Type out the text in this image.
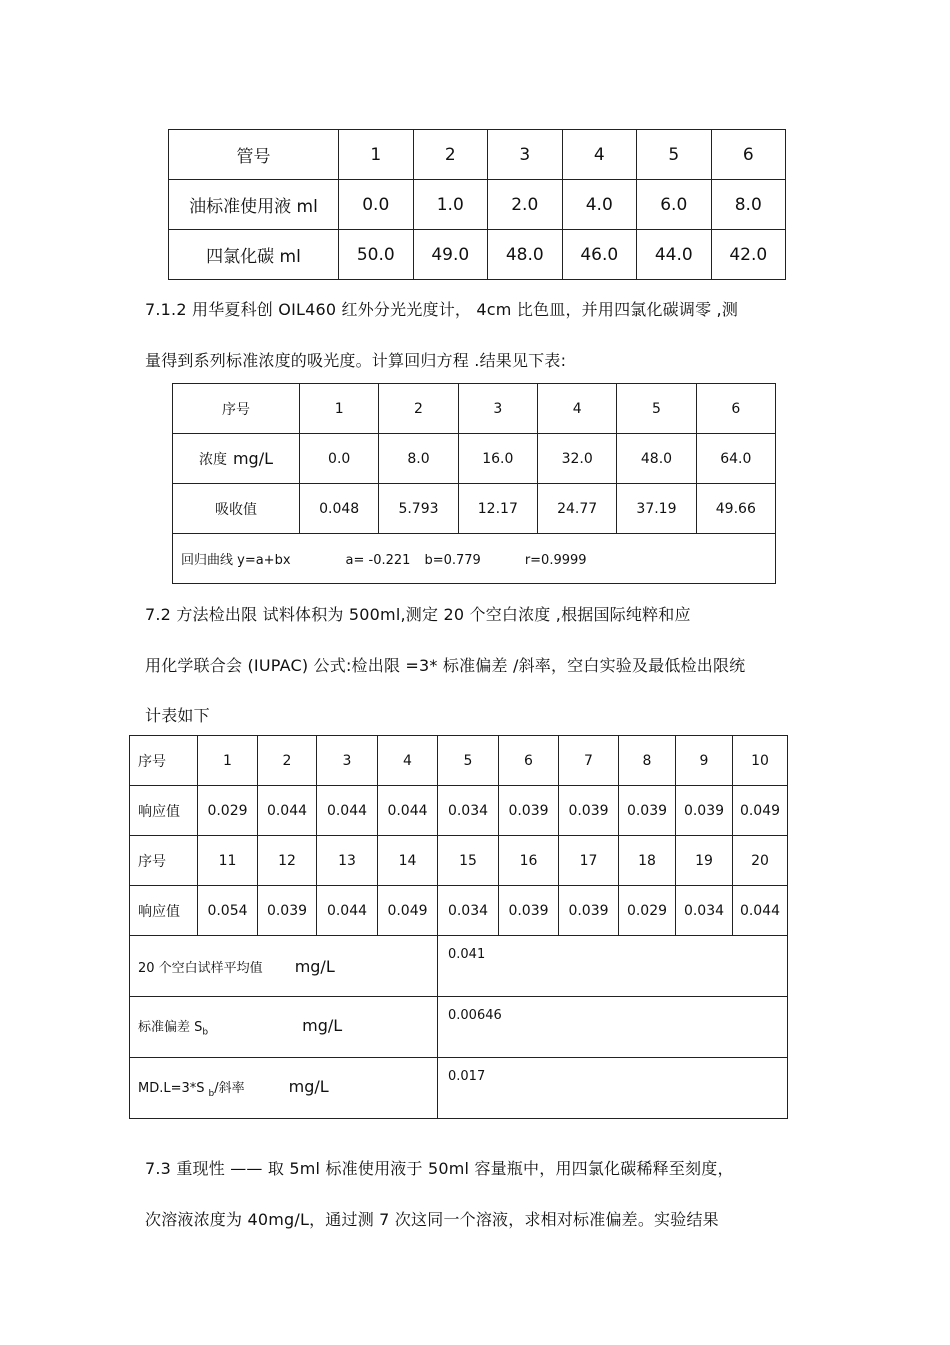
管号	1	2	3	4	5	6
油标准使用液 ml	0.0	1.0	2.0	4.0	6.0	8.0
四氯化碳 ml	50.0	49.0	48.0	46.0	44.0	42.0
7.1.2 用华夏科创 OIL460 红外分光光度计， 4cm 比色皿，并用四氯化碳调零 ,测
量得到系列标准浓度的吸光度。计算回归方程 .结果见下表:
序号	1	2	3	4	5	6
浓度 mg/L	0.0	8.0	16.0	32.0	48.0	64.0
吸收值	0.048	5.793	12.17	24.77	37.19	49.66
回归曲线 y=a+bx a= -0.221 b=0.779 r=0.9999						
7.2 方法检出限 试料体积为 500ml,测定 20 个空白浓度 ,根据国际纯粹和应
用化学联合会 (IUPAC) 公式:检出限 =3* 标准偏差 /斜率，空白实验及最低检出限统
计表如下
序号	1	2	3	4	5	6	7	8	9	10
响应值	0.029	0.044	0.044	0.044	0.034	0.039	0.039	0.039	0.039	0.049
序号	11	12	13	14	15	16	17	18	19	20
响应值	0.054	0.039	0.044	0.049	0.034	0.039	0.039	0.029	0.034	0.044
20 个空白试样平均值 mg/L					0.041					
标准偏差 $S_b$ mg/L					0.00646					
MD.L=3*S $_b$/斜率 mg/L					0.017					
7.3 重现性 —— 取 5ml 标准使用液于 50ml 容量瓶中，用四氯化碳稀释至刻度，
次溶液浓度为 40mg/L，通过测 7 次这同一个溶液，求相对标准偏差。实验结果
